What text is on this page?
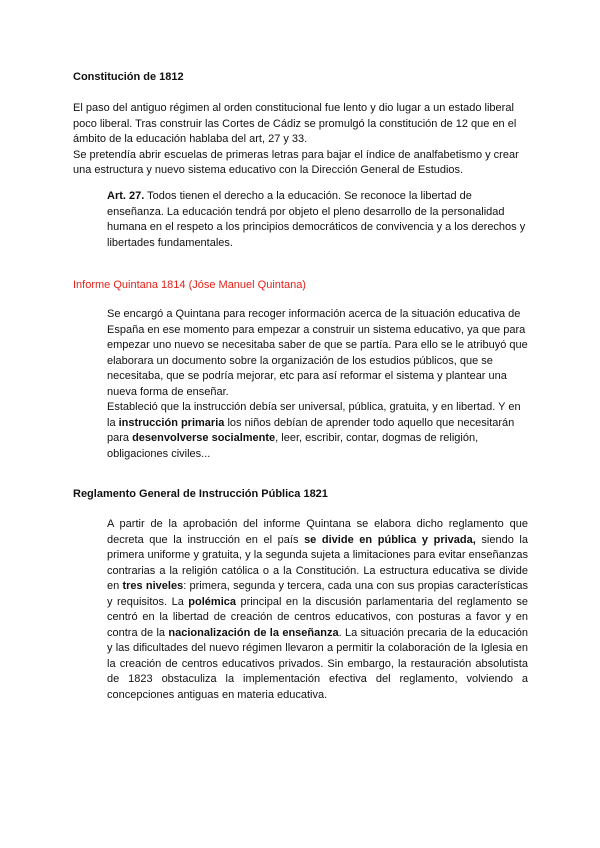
Constitución de 1812

El paso del antiguo régimen al orden constitucional fue lento y dio lugar a un estado liberal poco liberal. Tras construir las Cortes de Cádiz se promulgó la constitución de 12 que en el ámbito de la educación hablaba del art, 27 y 33.

Se pretendía abrir escuelas de primeras letras para bajar el índice de analfabetismo y crear una estructura y nuevo sistema educativo con la Dirección General de Estudios.

Art. 27. Todos tienen el derecho a la educación. Se reconoce la libertad de enseñanza. La educación tendrá por objeto el pleno desarrollo de la personalidad humana en el respeto a los principios democráticos de convivencia y a los derechos y libertades fundamentales.
Informe Quintana 1814 (Jóse Manuel Quintana)

Se encargó a Quintana para recoger información acerca de la situación educativa de España en ese momento para empezar a construir un sistema educativo, ya que para empezar uno nuevo se necesitaba saber de que se partía. Para ello se le atribuyó que elaborara un documento sobre la organización de los estudios públicos, que se necesitaba, que se podría mejorar, etc para así reformar el sistema y plantear una nueva forma de enseñar.

Estableció que la instrucción debía ser universal, pública, gratuita, y en libertad. Y en la instrucción primaria los niños debían de aprender todo aquello que necesitarán para desenvolverse socialmente, leer, escribir, contar, dogmas de religión, obligaciones civiles...

Reglamento General de Instrucción Pública 1821

A partir de la aprobación del informe Quintana se elabora dicho reglamento que decreta que la instrucción en el país se divide en pública y privada, siendo la primera uniforme y gratuita, y la segunda sujeta a limitaciones para evitar enseñanzas contrarias a la religión católica o a la Constitución. La estructura educativa se divide en tres niveles: primera, segunda y tercera, cada una con sus propias características y requisitos. La polémica principal en la discusión parlamentaria del reglamento se centró en la libertad de creación de centros educativos, con posturas a favor y en contra de la nacionalización de la enseñanza. La situación precaria de la educación y las dificultades del nuevo régimen llevaron a permitir la colaboración de la Iglesia en la creación de centros educativos privados. Sin embargo, la restauración absolutista de 1823 obstaculiza la implementación efectiva del reglamento, volviendo a concepciones antiguas en materia educativa.
